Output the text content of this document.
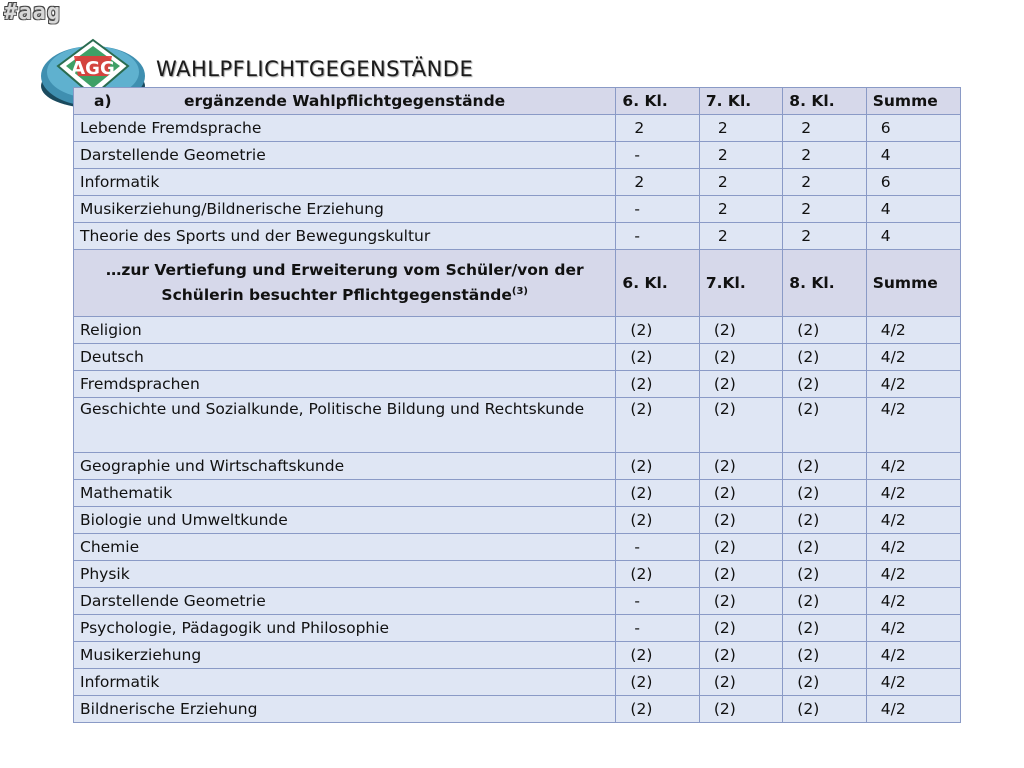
#aag
AGG WAHLPFLICHTGEGENSTÄNDE
a) ergänzende Wahlpflichtgegenstände	6. Kl.	7. Kl.	8. Kl.	Summe
Lebende Fremdsprache	2	2	2	6
Darstellende Geometrie	-	2	2	4
Informatik	2	2	2	6
Musikerziehung/Bildnerische Erziehung	-	2	2	4
Theorie des Sports und der Bewegungskultur	-	2	2	4

…zur Vertiefung und Erweiterung vom Schüler/von der
Schülerin besuchter Pflichtgegenstände$^{(3)}$	6. Kl.	7.Kl.	8. Kl.	Summe
Religion	(2)	(2)	(2)	4/2
Deutsch	(2)	(2)	(2)	4/2
Fremdsprachen	(2)	(2)	(2)	4/2
Geschichte und Sozialkunde, Politische Bildung und Rechtskunde	(2)	(2)	(2)	4/2
Geographie und Wirtschaftskunde	(2)	(2)	(2)	4/2
Mathematik	(2)	(2)	(2)	4/2
Biologie und Umweltkunde	(2)	(2)	(2)	4/2
Chemie	-	(2)	(2)	4/2
Physik	(2)	(2)	(2)	4/2
Darstellende Geometrie	-	(2)	(2)	4/2
Psychologie, Pädagogik und Philosophie	-	(2)	(2)	4/2
Musikerziehung	(2)	(2)	(2)	4/2
Informatik	(2)	(2)	(2)	4/2
Bildnerische Erziehung	(2)	(2)	(2)	4/2
